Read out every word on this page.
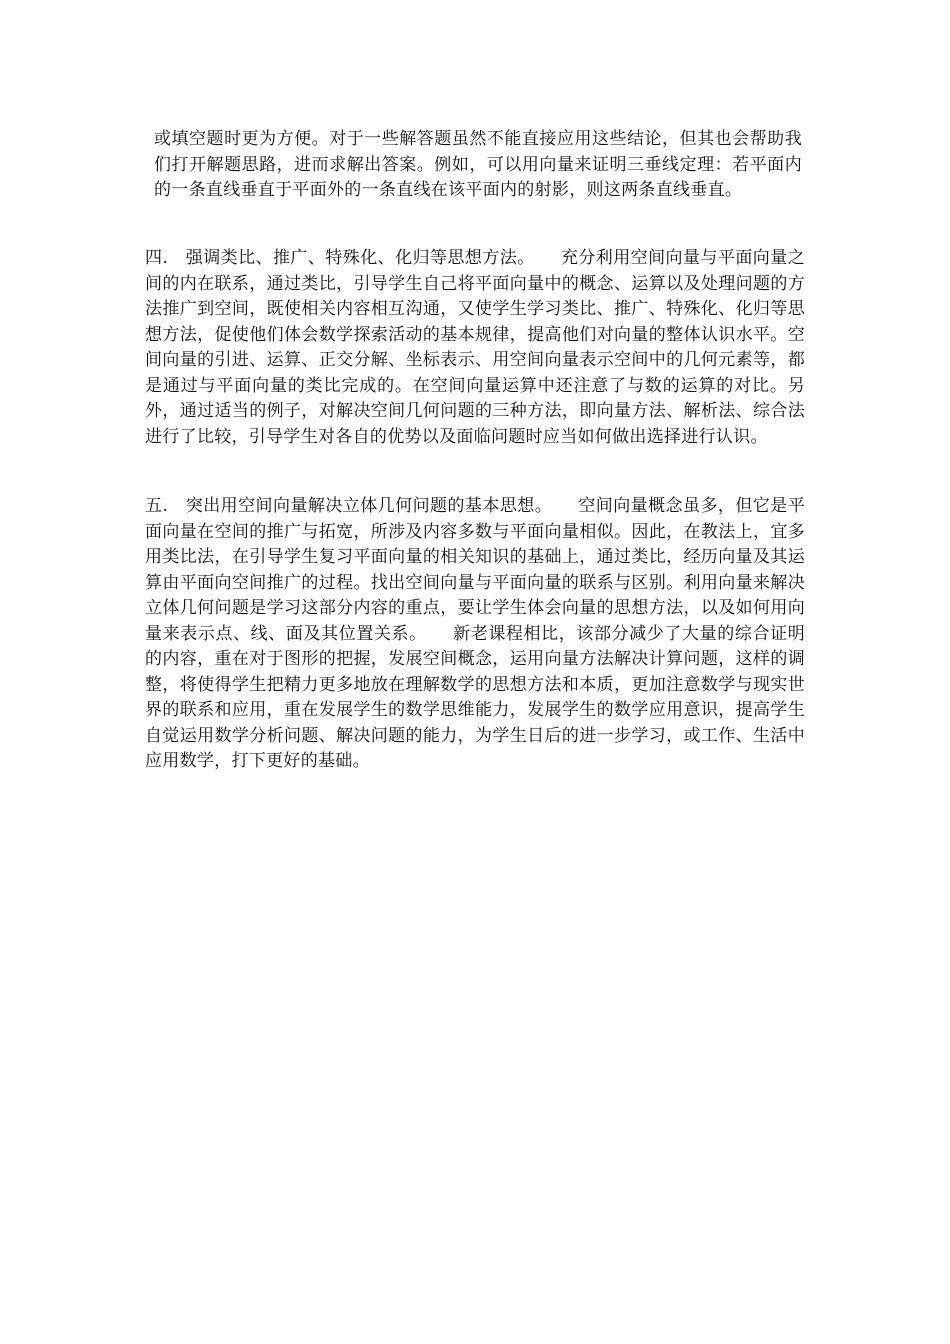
或填空题时更为方便。对于一些解答题虽然不能直接应用这些结论，但其也会帮助我们打开解题思路，进而求解出答案。例如，可以用向量来证明三垂线定理：若平面内的一条直线垂直于平面外的一条直线在该平面内的射影，则这两条直线垂直。
四.　强调类比、推广、特殊化、化归等思想方法。 充分利用空间向量与平面向量之间的内在联系，通过类比，引导学生自己将平面向量中的概念、运算以及处理问题的方法推广到空间，既使相关内容相互沟通，又使学生学习类比、推广、特殊化、化归等思想方法，促使他们体会数学探索活动的基本规律，提高他们对向量的整体认识水平。空间向量的引进、运算、正交分解、坐标表示、用空间向量表示空间中的几何元素等，都是通过与平面向量的类比完成的。在空间向量运算中还注意了与数的运算的对比。另外，通过适当的例子，对解决空间几何问题的三种方法，即向量方法、解析法、综合法进行了比较，引导学生对各自的优势以及面临问题时应当如何做出选择进行认识。
五.　突出用空间向量解决立体几何问题的基本思想。 空间向量概念虽多，但它是平面向量在空间的推广与拓宽，所涉及内容多数与平面向量相似。因此，在教法上，宜多用类比法，在引导学生复习平面向量的相关知识的基础上，通过类比，经历向量及其运算由平面向空间推广的过程。找出空间向量与平面向量的联系与区别。利用向量来解决立体几何问题是学习这部分内容的重点，要让学生体会向量的思想方法，以及如何用向量来表示点、线、面及其位置关系。 新老课程相比，该部分减少了大量的综合证明的内容，重在对于图形的把握，发展空间概念，运用向量方法解决计算问题，这样的调整，将使得学生把精力更多地放在理解数学的思想方法和本质，更加注意数学与现实世界的联系和应用，重在发展学生的数学思维能力，发展学生的数学应用意识，提高学生自觉运用数学分析问题、解决问题的能力，为学生日后的进一步学习，或工作、生活中应用数学，打下更好的基础。
